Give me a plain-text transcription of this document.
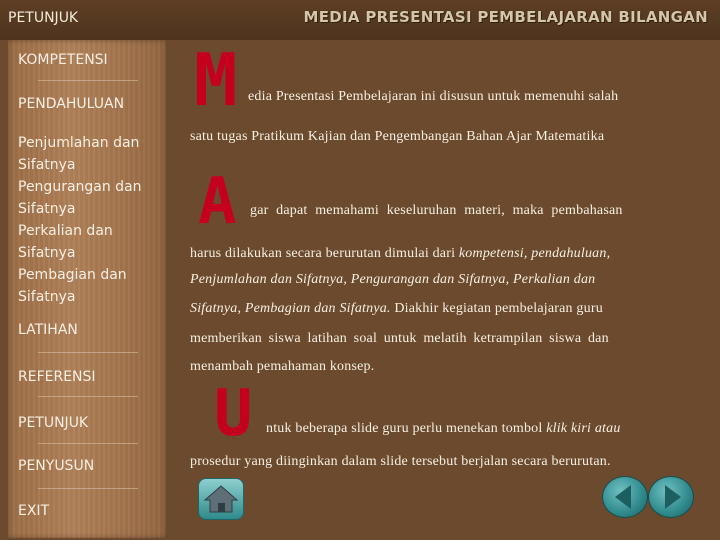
PETUNJUK	MEDIA PRESENTASI PEMBELAJARAN BILANGAN
KOMPETENSI
PENDAHULUAN
Penjumlahan dan
Sifatnya
Pengurangan dan
Sifatnya
Perkalian dan
Sifatnya
Pembagian dan
Sifatnya
LATIHAN
REFERENSI
PETUNJUK
PENYUSUN
EXIT
M edia Presentasi Pembelajaran ini disusun untuk memenuhi salah
satu tugas Pratikum Kajian dan Pengembangan Bahan Ajar Matematika
A gar dapat memahami keseluruhan materi, maka pembahasan
harus dilakukan secara berurutan dimulai dari kompetensi, pendahuluan,
Penjumlahan dan Sifatnya, Pengurangan dan Sifatnya, Perkalian dan
Sifatnya, Pembagian dan Sifatnya. Diakhir kegiatan pembelajaran guru
memberikan siswa latihan soal untuk melatih ketrampilan siswa dan
menambah pemahaman konsep.
U ntuk beberapa slide guru perlu menekan tombol klik kiri atau
prosedur yang diinginkan dalam slide tersebut berjalan secara berurutan.
